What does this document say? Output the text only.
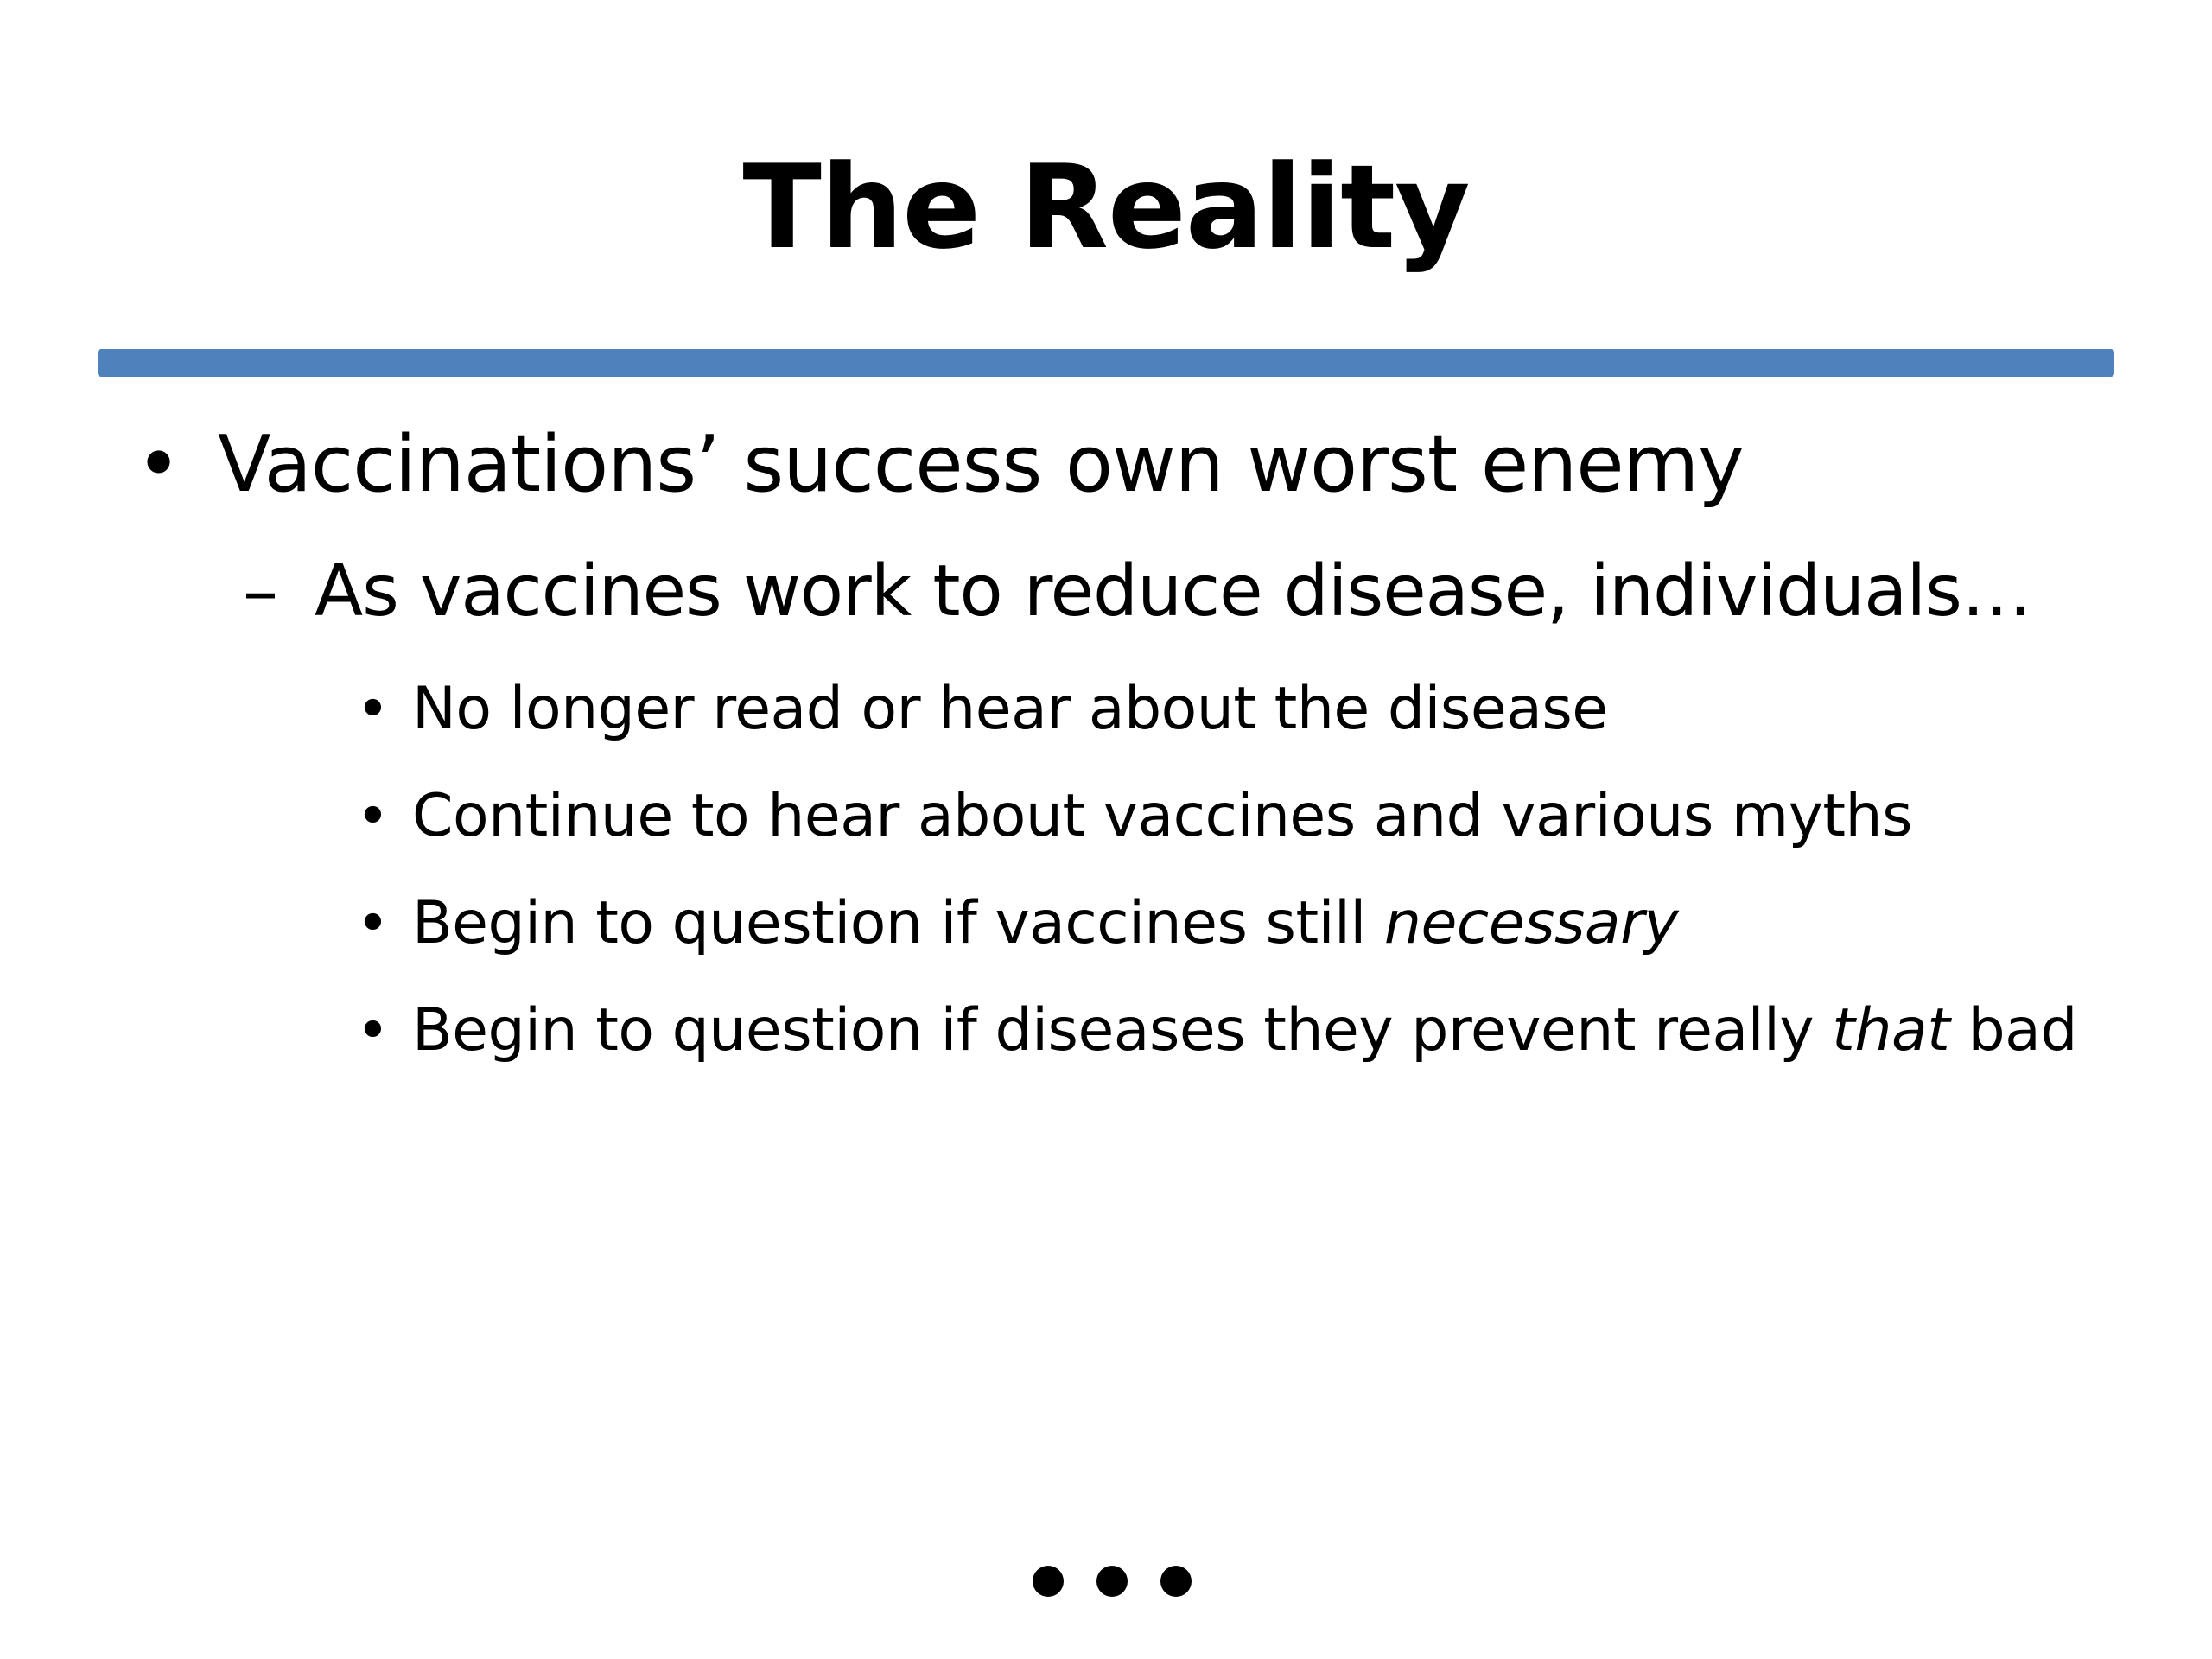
The Reality
• Vaccinations’ success own worst enemy
– As vaccines work to reduce disease, individuals…
• No longer read or hear about the disease
• Continue to hear about vaccines and various myths
• Begin to question if vaccines still necessary
• Begin to question if diseases they prevent really that bad
